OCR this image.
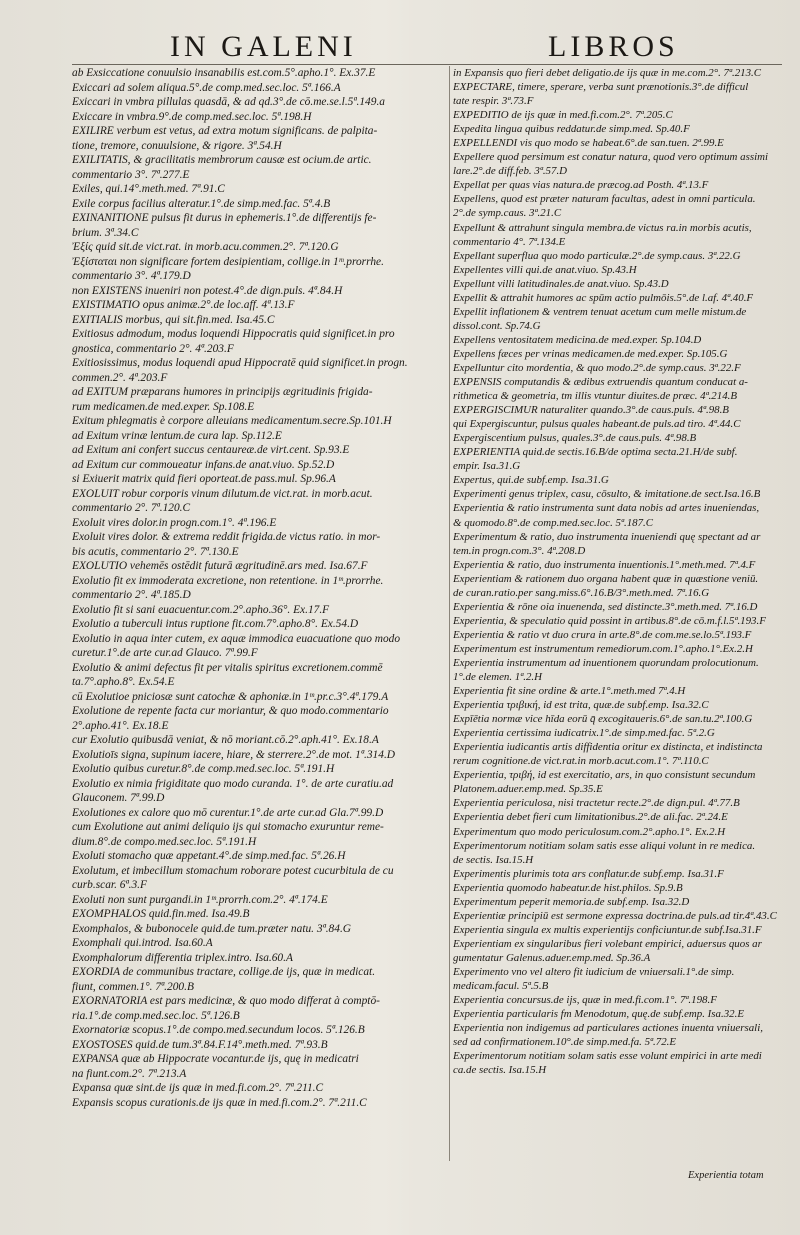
IN GALENI	LIBROS
ab Exsiccatione conuulsio insanabilis est.com.5°.apho.1°. Ex.37.E
Exiccari ad solem aliqua.5°.de comp.med.sec.loc. 5ª.166.A
Exiccari in vmbra pillulas quasdā, & ad qd.3°.de cō.me.se.l.5ª.149.a
Exiccare in vmbra.9°.de comp.med.sec.loc. 5ª.198.H
EXILIRE verbum est vetus, ad extra motum significans. de palpita-
tione, tremore, conuulsione, & rigore. 3ª.54.H
EXILITATIS, & gracilitatis membrorum causæ est ocium.de artic.
commentario 3°. 7ª.277.E
Exiles, qui.14°.meth.med. 7ª.91.C
Exile corpus facilius alteratur.1°.de simp.med.fac. 5ª.4.B
EXINANITIONE pulsus fit durus in ephemeris.1°.de differentijs fe-
brium. 3ª.34.C
Ἐξίς quid sit.de vict.rat. in morb.acu.commen.2°. 7ª.120.G
Ἐξίσταται non significare fortem desipientiam, collige.in 1ᵐ.prorrhe.
commentario 3°. 4ª.179.D
non EXISTENS inueniri non potest.4°.de dign.puls. 4ª.84.H
EXISTIMATIO opus animæ.2°.de loc.aff. 4ª.13.F
EXITIALIS morbus, qui sit.fin.med. Isa.45.C
Exitiosus admodum, modus loquendi Hippocratis quid significet.in pro
gnostica, commentario 2°. 4ª.203.F
Exitiosissimus, modus loquendi apud Hippocratē quid significet.in progn.
commen.2°. 4ª.203.F
ad EXITUM præparans humores in principijs ægritudinis frigida-
rum medicamen.de med.exper. Sp.108.E
Exitum phlegmatis è corpore alleuians medicamentum.secre.Sp.101.H
ad Exitum vrinæ lentum.de cura lap. Sp.112.E
ad Exitum ani confert succus centaureæ.de virt.cent. Sp.93.E
ad Exitum cur commoueatur infans.de anat.viuo. Sp.52.D
si Exiuerit matrix quid fieri oporteat.de pass.mul. Sp.96.A
EXOLUIT robur corporis vinum dilutum.de vict.rat. in morb.acut.
commentario 2°. 7ª.120.C
Exoluit vires dolor.in progn.com.1°. 4ª.196.E
Exoluit vires dolor. & extrema reddit frigida.de victus ratio. in mor-
bis acutis, commentario 2°. 7ª.130.E
EXOLUTIO vehemēs ostēdit futurā ægritudinē.ars med. Isa.67.F
Exolutio fit ex immoderata excretione, non retentione. in 1ᵐ.prorrhe.
commentario 2°. 4ª.185.D
Exolutio fit si sani euacuentur.com.2°.apho.36°. Ex.17.F
Exolutio a tuberculi intus ruptione fit.com.7°.apho.8°. Ex.54.D
Exolutio in aqua inter cutem, ex aquæ immodica euacuatione quo modo
curetur.1°.de arte cur.ad Glauco. 7ª.99.F
Exolutio & animi defectus fit per vitalis spiritus excretionem.commē
ta.7°.apho.8°. Ex.54.E
cū Exolutioe pniciosæ sunt catochæ & aphoniæ.in 1ᵐ.pr.c.3°.4ª.179.A
Exolutione de repente facta cur moriantur, & quo modo.commentario
2°.apho.41°. Ex.18.E
cur Exolutio quibusdā veniat, & nō moriant.cō.2°.aph.41°. Ex.18.A
Exolutioīs signa, supinum iacere, hiare, & sterrere.2°.de mot. 1ª.314.D
Exolutio quibus curetur.8°.de comp.med.sec.loc. 5ª.191.H
Exolutio ex nimia frigiditate quo modo curanda. 1°. de arte curatiu.ad
Glauconem. 7ª.99.D
Exolutiones ex calore quo mō curentur.1°.de arte cur.ad Gla.7ª.99.D
cum Exolutione aut animi deliquio ijs qui stomacho exuruntur reme-
dium.8°.de compo.med.sec.loc. 5ª.191.H
Exoluti stomacho quæ appetant.4°.de simp.med.fac. 5ª.26.H
Exolutum, et imbecillum stomachum roborare potest cucurbitula de cu
curb.scar. 6ª.3.F
Exoluti non sunt purgandi.in 1ᵐ.prorrh.com.2°. 4ª.174.E
EXOMPHALOS quid.fin.med. Isa.49.B
Exomphalos, & bubonocele quid.de tum.præter natu. 3ª.84.G
Exomphali qui.introd. Isa.60.A
Exomphalorum differentia triplex.intro. Isa.60.A
EXORDIA de communibus tractare, collige.de ijs, quæ in medicat.
fiunt, commen.1°. 7ª.200.B
EXORNATORIA est pars medicinæ, & quo modo differat à comptō-
ria.1°.de comp.med.sec.loc. 5ª.126.B
Exornatoriæ scopus.1°.de compo.med.secundum locos. 5ª.126.B
EXOSTOSES quid.de tum.3ª.84.F.14°.meth.med. 7ª.93.B
EXPANSA quæ ab Hippocrate vocantur.de ijs, quę in medicatri
na fiunt.com.2°. 7ª.213.A
Expansa quæ sint.de ijs quæ in med.fi.com.2°. 7ª.211.C
Expansis scopus curationis.de ijs quæ in med.fi.com.2°. 7ª.211.C
in Expansis quo fieri debet deligatio.de ijs quæ in me.com.2°. 7ª.213.C
EXPECTARE, timere, sperare, verba sunt prænotionis.3°.de difficul
tate respir. 3ª.73.F
EXPEDITIO de ijs quæ in med.fi.com.2°. 7ª.205.C
Expedita lingua quibus reddatur.de simp.med. Sp.40.F
EXPELLENDI vis quo modo se habeat.6°.de san.tuen. 2ª.99.E
Expellere quod persimum est conatur natura, quod vero optimum assimi
lare.2°.de diff.feb. 3ª.57.D
Expellat per quas vias natura.de præcog.ad Posth. 4ª.13.F
Expellens, quod est præter naturam facultas, adest in omni particula.
2°.de symp.caus. 3ª.21.C
Expellunt & attrahunt singula membra.de victus ra.in morbis acutis,
commentario 4°. 7ª.134.E
Expellant superflua quo modo particulæ.2°.de symp.caus. 3ª.22.G
Expellentes villi qui.de anat.viuo. Sp.43.H
Expellunt villi latitudinales.de anat.viuo. Sp.43.D
Expellit & attrahit humores ac spūm actio pulmōis.5°.de l.af. 4ª.40.F
Expellit inflationem & ventrem tenuat acetum cum melle mistum.de
dissol.cont. Sp.74.G
Expellens ventositatem medicina.de med.exper. Sp.104.D
Expellens fæces per vrinas medicamen.de med.exper. Sp.105.G
Expelluntur cito mordentia, & quo modo.2°.de symp.caus. 3ª.22.F
EXPENSIS computandis & ædibus extruendis quantum conducat a-
rithmetica & geometria, tm illis vtuntur diuites.de præc. 4ª.214.B
EXPERGISCIMUR naturaliter quando.3°.de caus.puls. 4ª.98.B
qui Expergiscuntur, pulsus quales habeant.de puls.ad tiro. 4ª.44.C
Expergiscentium pulsus, quales.3°.de caus.puls. 4ª.98.B
EXPERIENTIA quid.de sectis.16.B/de optima secta.21.H/de subf.
empir. Isa.31.G
Expertus, qui.de subf.emp. Isa.31.G
Experimenti genus triplex, casu, cōsulto, & imitatione.de sect.Isa.16.B
Experientia & ratio instrumenta sunt data nobis ad artes inueniendas,
& quomodo.8°.de comp.med.sec.loc. 5ª.187.C
Experimentum & ratio, duo instrumenta inueniendi quę spectant ad ar
tem.in progn.com.3°. 4ª.208.D
Experientia & ratio, duo instrumenta inuentionis.1°.meth.med. 7ª.4.F
Experientiam & rationem duo organa habent quæ in quæstione veniū.
de curan.ratio.per sang.miss.6°.16.B/3°.meth.med. 7ª.16.G
Experientia & rōne oia inuenenda, sed distincte.3°.meth.med. 7ª.16.D
Experientia, & speculatio quid possint in artibus.8°.de cō.m.f.l.5ª.193.F
Experientia & ratio vt duo crura in arte.8°.de com.me.se.lo.5ª.193.F
Experimentum est instrumentum remediorum.com.1°.apho.1°.Ex.2.H
Experientia instrumentum ad inuentionem quorundam prolocutionum.
1°.de elemen. 1ª.2.H
Experientia fit sine ordine & arte.1°.meth.med 7ª.4.H
Experientia τριβική, id est trita, quæ.de subf.emp. Isa.32.C
Expīētia normæ vice hīda eorū q̄ excogitaueris.6°.de san.tu.2ª.100.G
Experientia certissima iudicatrix.1°.de simp.med.fac. 5ª.2.G
Experientia iudicantis artis diffidentia oritur ex distincta, et indistincta
rerum cognitione.de vict.rat.in morb.acut.com.1°. 7ª.110.C
Experientia, τριβή, id est exercitatio, ars, in quo consistunt secundum
Platonem.aduer.emp.med. Sp.35.E
Experientia periculosa, nisi tractetur recte.2°.de dign.pul. 4ª.77.B
Experientia debet fieri cum limitationibus.2°.de ali.fac. 2ª.24.E
Experimentum quo modo periculosum.com.2°.apho.1°. Ex.2.H
Experimentorum notitiam solam satis esse aliqui volunt in re medica.
de sectis. Isa.15.H
Experimentis plurimis tota ars conflatur.de subf.emp. Isa.31.F
Experientia quomodo habeatur.de hist.philos. Sp.9.B
Experimentum peperit memoria.de subf.emp. Isa.32.D
Experientiæ principiū est sermone expressa doctrina.de puls.ad tir.4ª.43.C
Experientia singula ex multis experientijs conficiuntur.de subf.Isa.31.F
Experientiam ex singularibus fieri volebant empirici, aduersus quos ar
gumentatur Galenus.aduer.emp.med. Sp.36.A
Experimento vno vel altero fit iudicium de vniuersali.1°.de simp.
medicam.facul. 5ª.5.B
Experientia concursus.de ijs, quæ in med.fi.com.1°. 7ª.198.F
Experientia particularis fm Menodotum, quę.de subf.emp. Isa.32.E
Experientia non indigemus ad particulares actiones inuenta vniuersali,
sed ad confirmationem.10°.de simp.med.fa. 5ª.72.E
Experimentorum notitiam solam satis esse volunt empirici in arte medi
ca.de sectis. Isa.15.H
Experientia totam
